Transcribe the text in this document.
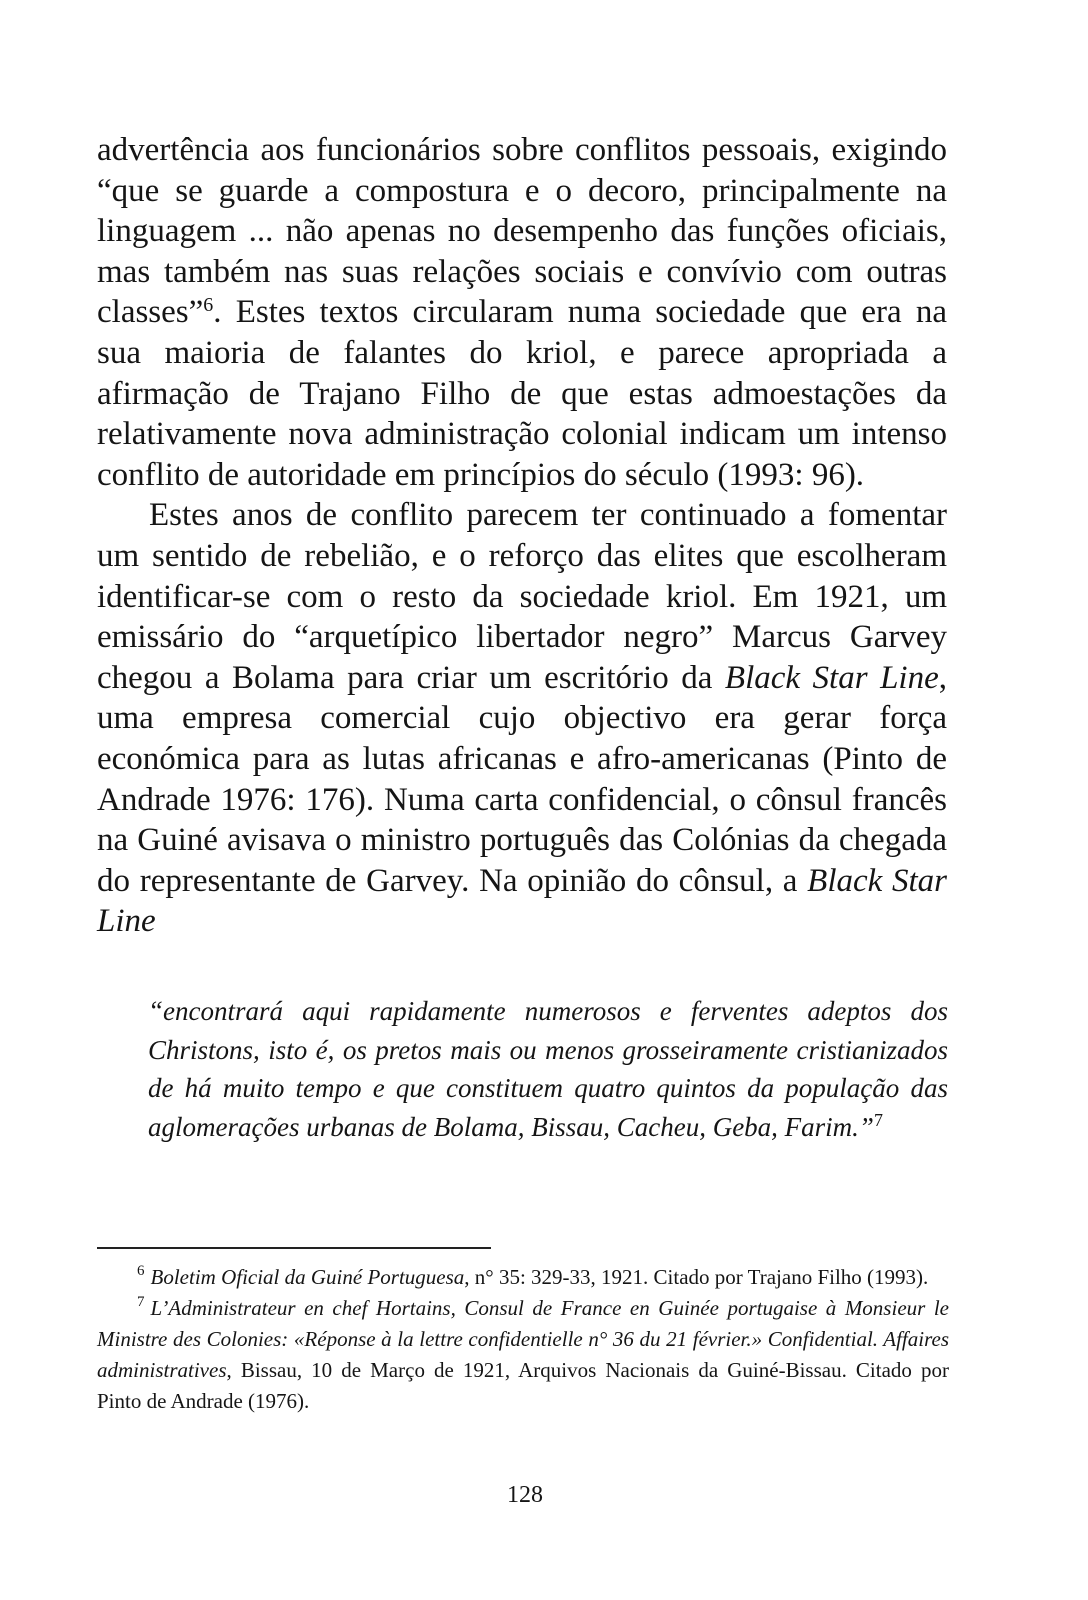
advertência aos funcionários sobre conflitos pessoais, exigindo “que se guarde a compostura e o decoro, principalmente na linguagem ... não apenas no desempenho das funções oficiais, mas também nas suas relações sociais e convívio com outras classes”$^6$. Estes textos circularam numa sociedade que era na sua maioria de falantes do kriol, e parece apropriada a afirmação de Trajano Filho de que estas admoestações da relativamente nova administração colonial indicam um intenso conflito de autoridade em princípios do século (1993: 96).

Estes anos de conflito parecem ter continuado a fomentar um sentido de rebelião, e o reforço das elites que escolheram identificar-se com o resto da sociedade kriol. Em 1921, um emissário do “arquetípico libertador negro” Marcus Garvey chegou a Bolama para criar um escritório da Black Star Line, uma empresa comercial cujo objectivo era gerar força económica para as lutas africanas e afro-americanas (Pinto de Andrade 1976: 176). Numa carta confidencial, o cônsul francês na Guiné avisava o ministro português das Colónias da chegada do representante de Garvey. Na opinião do cônsul, a Black Star Line

“encontrará aqui rapidamente numerosos e ferventes adeptos dos Christons, isto é, os pretos mais ou menos grosseiramente cristianizados de há muito tempo e que constituem quatro quintos da população das aglomerações urbanas de Bolama, Bissau, Cacheu, Geba, Farim.”$^7$

$^6$ Boletim Oficial da Guiné Portuguesa, n° 35: 329-33, 1921. Citado por Trajano Filho (1993).

$^7$ L’Administrateur en chef Hortains, Consul de France en Guinée portugaise à Monsieur le Ministre des Colonies: «Réponse à la lettre confidentielle n° 36 du 21 février.» Confidential. Affaires administratives, Bissau, 10 de Março de 1921, Arquivos Nacionais da Guiné-Bissau. Citado por Pinto de Andrade (1976).

128
